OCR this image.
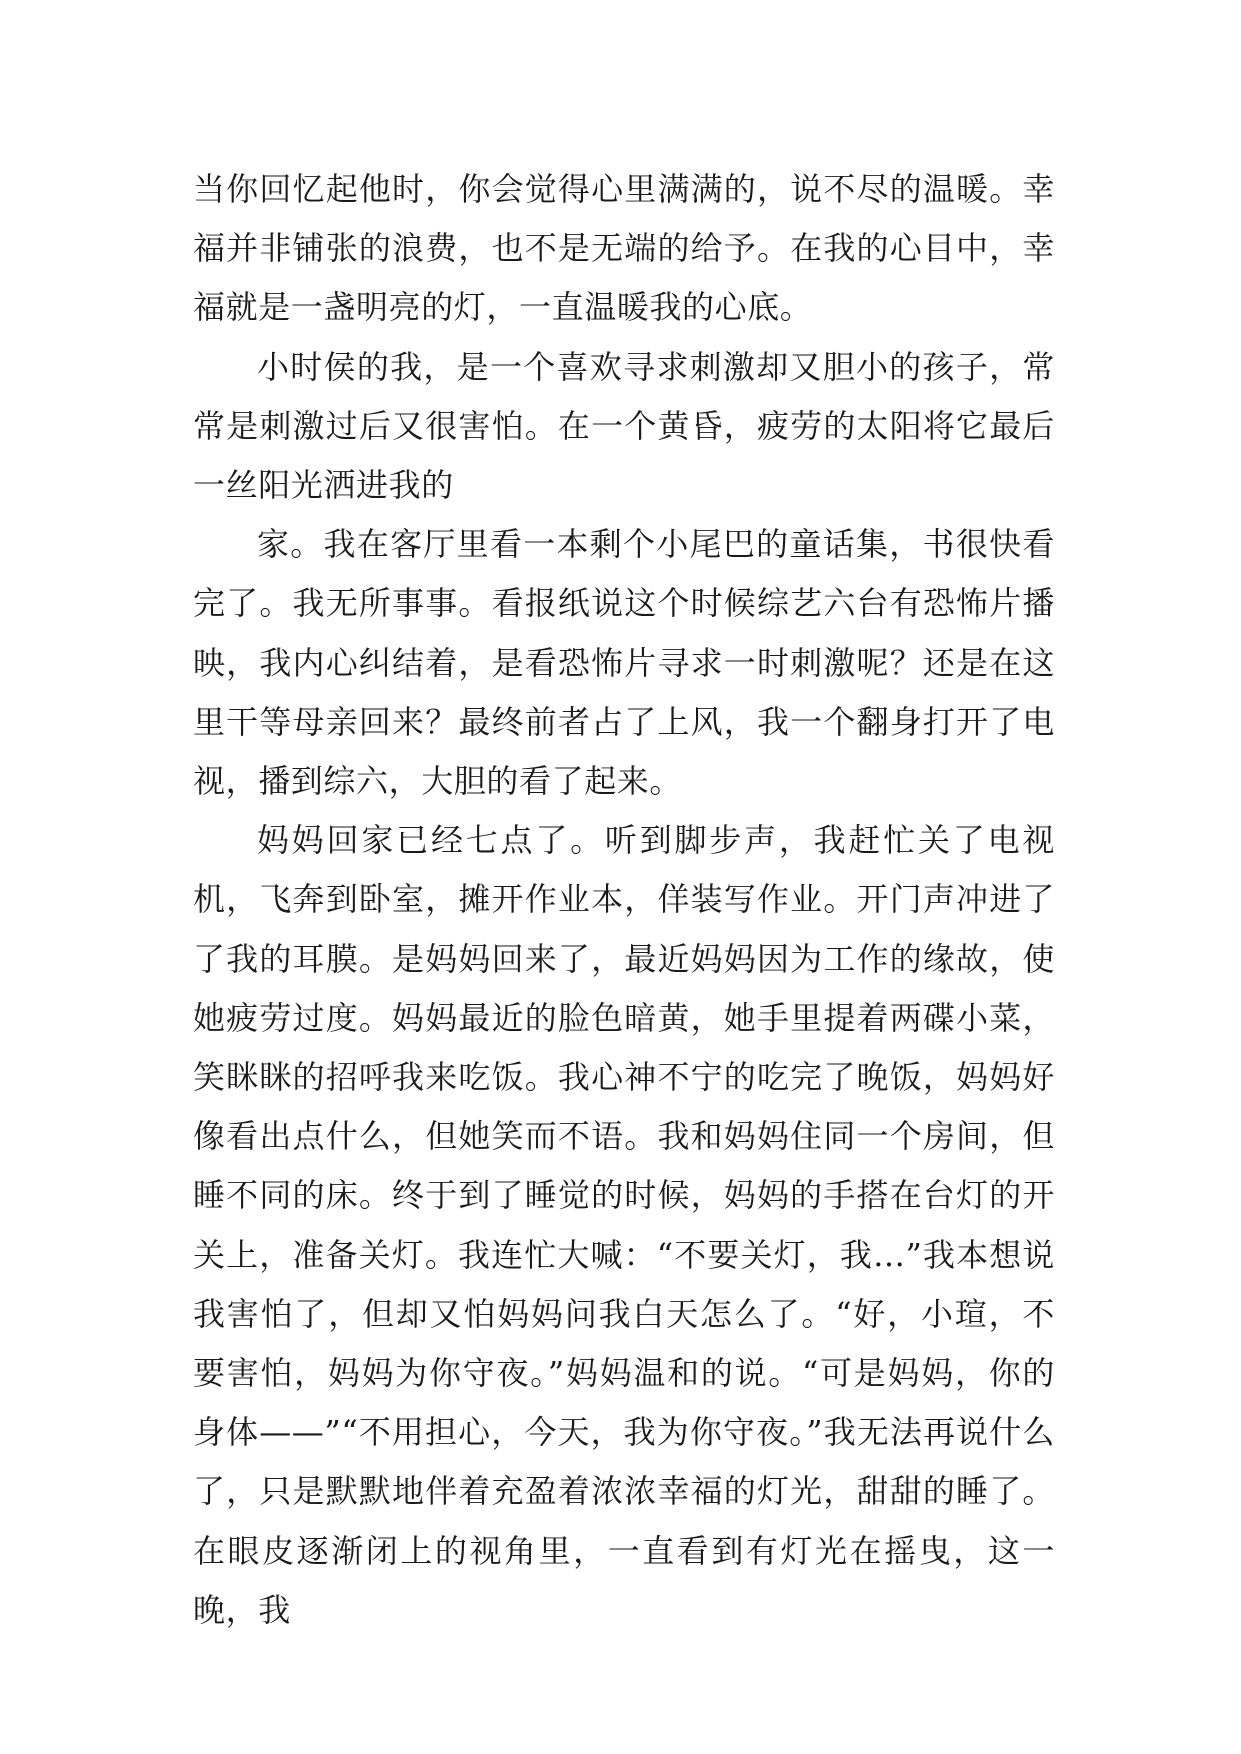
当你回忆起他时，你会觉得心里满满的，说不尽的温暖。幸福并非铺张的浪费，也不是无端的给予。在我的心目中，幸福就是一盏明亮的灯，一直温暖我的心底。

小时侯的我，是一个喜欢寻求刺激却又胆小的孩子，常常是刺激过后又很害怕。在一个黄昏，疲劳的太阳将它最后一丝阳光洒进我的

家。我在客厅里看一本剩个小尾巴的童话集，书很快看完了。我无所事事。看报纸说这个时候综艺六台有恐怖片播映，我内心纠结着，是看恐怖片寻求一时刺激呢？还是在这里干等母亲回来？最终前者占了上风，我一个翻身打开了电视，播到综六，大胆的看了起来。

妈妈回家已经七点了。听到脚步声，我赶忙关了电视机，飞奔到卧室，摊开作业本，佯装写作业。开门声冲进了了我的耳膜。是妈妈回来了，最近妈妈因为工作的缘故，使她疲劳过度。妈妈最近的脸色暗黄，她手里提着两碟小菜，笑眯眯的招呼我来吃饭。我心神不宁的吃完了晚饭，妈妈好像看出点什么，但她笑而不语。我和妈妈住同一个房间，但睡不同的床。终于到了睡觉的时候，妈妈的手搭在台灯的开关上，准备关灯。我连忙大喊：“不要关灯，我…”我本想说我害怕了，但却又怕妈妈问我白天怎么了。“好，小瑄，不要害怕，妈妈为你守夜。”妈妈温和的说。“可是妈妈，你的身体——”“不用担心，今天，我为你守夜。”我无法再说什么了，只是默默地伴着充盈着浓浓幸福的灯光，甜甜的睡了。在眼皮逐渐闭上的视角里，一直看到有灯光在摇曳，这一晚，我
